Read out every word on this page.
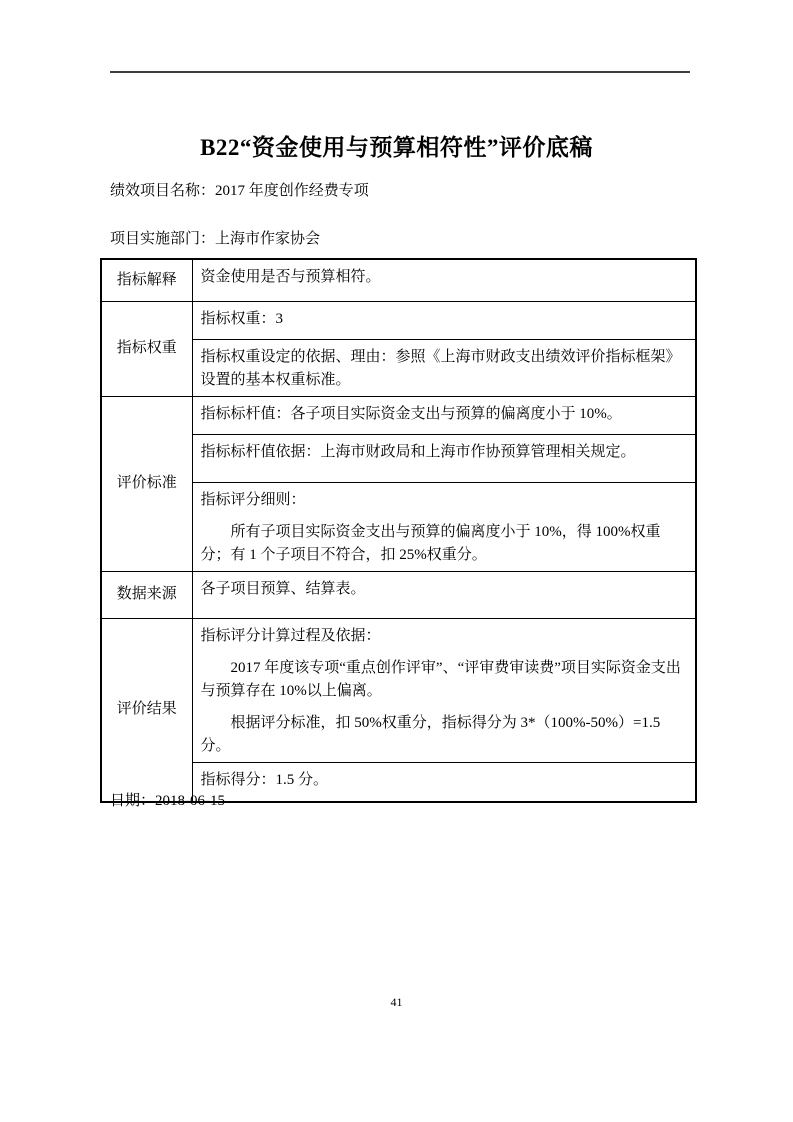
B22“资金使用与预算相符性”评价底稿
绩效项目名称：2017 年度创作经费专项
项目实施部门：上海市作家协会
指标解释	资金使用是否与预算相符。

指标权重	指标权重：3

	指标权重设定的依据、理由：参照《上海市财政支出绩效评价指标框架》设置的基本权重标准。

评价标准	指标标杆值：各子项目实际资金支出与预算的偏离度小于 10%。

	指标标杆值依据：上海市财政局和上海市作协预算管理相关规定。

	指标评分细则：

所有子项目实际资金支出与预算的偏离度小于 10%，得 100%权重分；有 1 个子项目不符合，扣 25%权重分。

数据来源	各子项目预算、结算表。

评价结果	指标评分计算过程及依据：

2017 年度该专项“重点创作评审”、“评审费审读费”项目实际资金支出与预算存在 10%以上偏离。

根据评分标准，扣 50%权重分，指标得分为 3*（100%-50%）=1.5 分。

	指标得分：1.5 分。

日期：2018-06-15
41
